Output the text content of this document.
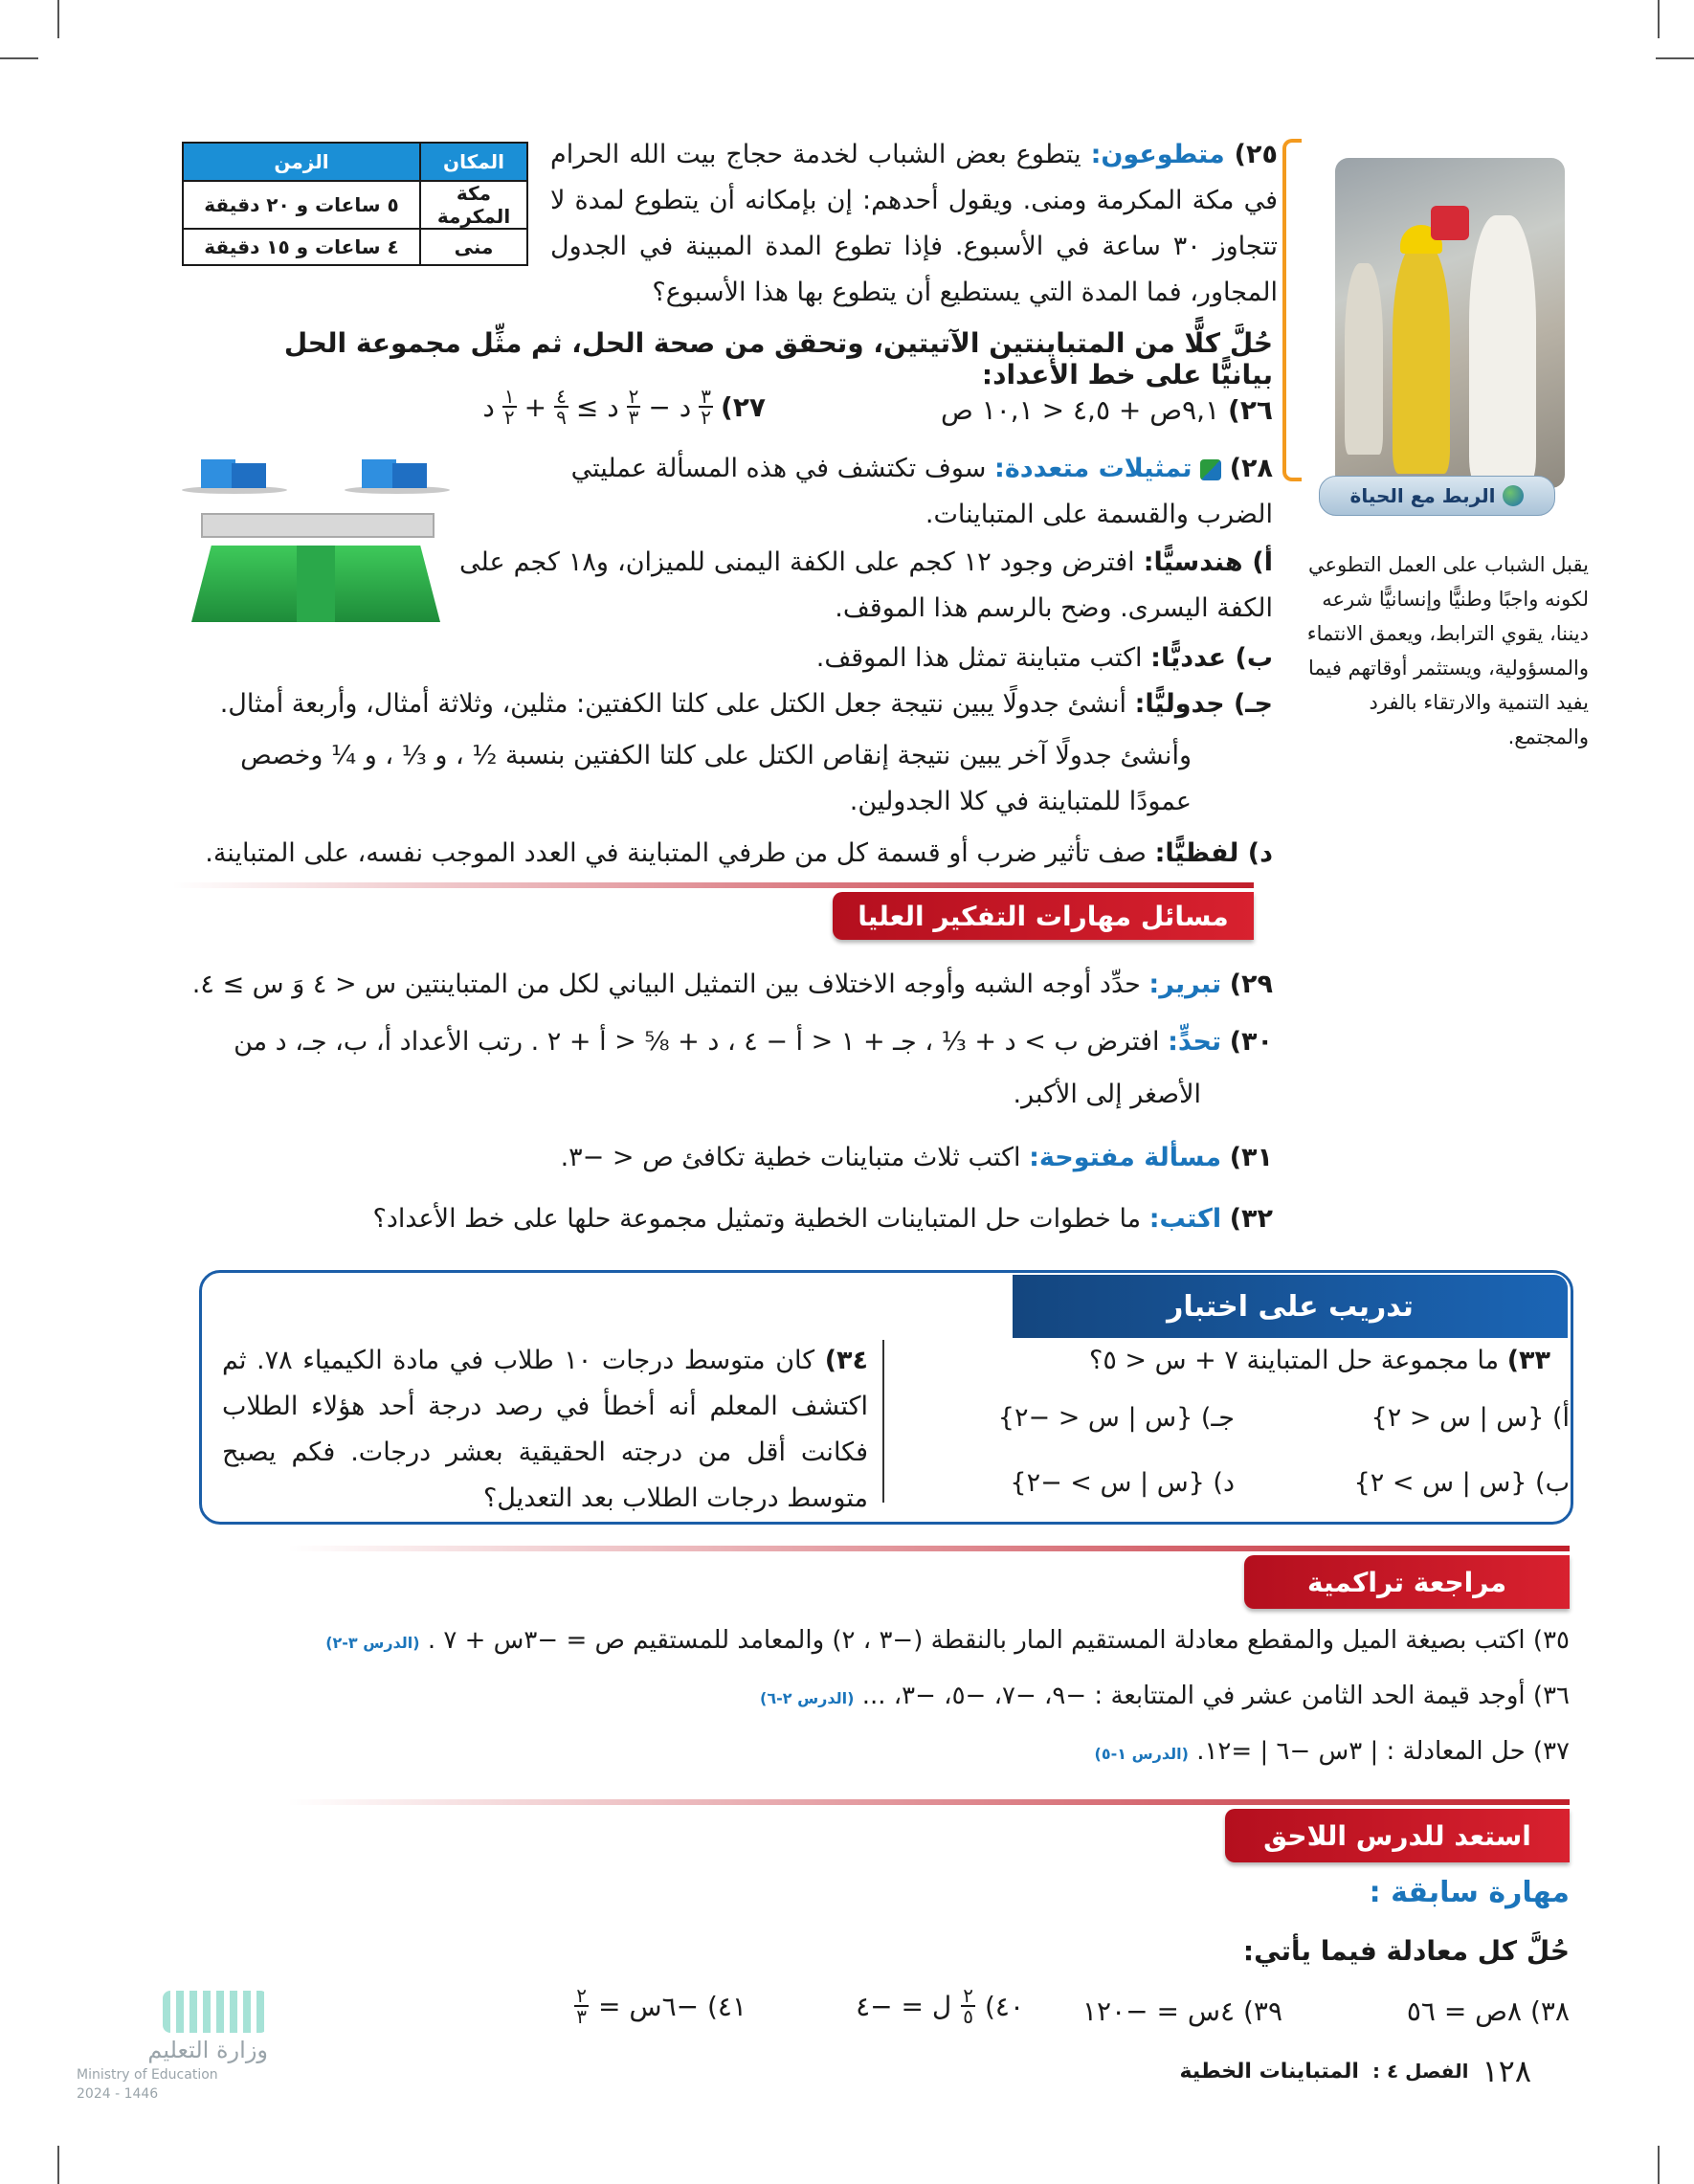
الربط مع الحياة

يقبل الشباب على العمل التطوعي لكونه واجبًا وطنيًّا وإنسانيًّا شرعه ديننا، يقوي الترابط، ويعمق الانتماء والمسؤولية، ويستثمر أوقاتهم فيما يفيد التنمية والارتقاء بالفرد والمجتمع.

٢٥) متطوعون: يتطوع بعض الشباب لخدمة حجاج بيت الله الحرام في مكة المكرمة ومنى. ويقول أحدهم: إن بإمكانه أن يتطوع لمدة لا تتجاوز ٣٠ ساعة في الأسبوع. فإذا تطوع المدة المبينة في الجدول المجاور، فما المدة التي يستطيع أن يتطوع بها هذا الأسبوع؟
المكان	الزمن
مكة المكرمة	٥ ساعات و ٢٠ دقيقة
منى	٤ ساعات و ١٥ دقيقة

حُلَّ كلًّا من المتباينتين الآتيتين، وتحقق من صحة الحل، ثم مثِّل مجموعة الحل بيانيًّا على خط الأعداد:

٢٦) ٩,١ص + ٤,٥ < ١٠,١ ص
٢٧)
$\frac{٣}{٢}$
د −
$\frac{٢}{٣}$
د ≥
$\frac{٤}{٩}$
+
$\frac{١}{٢}$
د
٢٨)  تمثيلات متعددة: سوف تكتشف في هذه المسألة عمليتي الضرب والقسمة على المتباينات.
أ) هندسيًّا: افترض وجود ١٢ كجم على الكفة اليمنى للميزان، و١٨ كجم على الكفة اليسرى. وضح بالرسم هذا الموقف.
ب) عدديًّا: اكتب متباينة تمثل هذا الموقف.
جـ) جدوليًّا: أنشئ جدولًا يبين نتيجة جعل الكتل على كلتا الكفتين: مثلين، وثلاثة أمثال، وأربعة أمثال.

وأنشئ جدولًا آخر يبين نتيجة إنقاص الكتل على كلتا الكفتين بنسبة ½ ، و ⅓ ، و ¼ وخصص عمودًا للمتباينة في كلا الجدولين.

د) لفظيًّا: صف تأثير ضرب أو قسمة كل من طرفي المتباينة في العدد الموجب نفسه، على المتباينة.
مسائل مهارات التفكير العليا
٢٩) تبرير: حدِّد أوجه الشبه وأوجه الاختلاف بين التمثيل البياني لكل من المتباينتين س < ٤ وَ س ≥ ٤.
٣٠) تحدٍّ: افترض ب > د + ⅓ ، جـ + ١ < أ − ٤ ، د + ⅝ < أ + ٢ . رتب الأعداد أ، ب، جـ، د من

الأصغر إلى الأكبر.

٣١) مسألة مفتوحة: اكتب ثلاث متباينات خطية تكافئ ص < −٣.
٣٢) اكتب: ما خطوات حل المتباينات الخطية وتمثيل مجموعة حلها على خط الأعداد؟
تدريب على اختبار
٣٣) ما مجموعة حل المتباينة ٧ + س < ٥؟
أ) {س | س < ٢}
جـ) {س | س < −٢}
ب) {س | س > ٢}
د) {س | س > −٢}
٣٤) كان متوسط درجات ١٠ طلاب في مادة الكيمياء ٧٨. ثم اكتشف المعلم أنه أخطأ في رصد درجة أحد هؤلاء الطلاب فكانت أقل من درجته الحقيقية بعشر درجات. فكم يصبح متوسط درجات الطلاب بعد التعديل؟
مراجعة تراكمية
٣٥) اكتب بصيغة الميل والمقطع معادلة المستقيم المار بالنقطة (−٣ ، ٢) والمعامد للمستقيم ص = −٣س + ٧ . (الدرس ٣-٢)
٣٦) أوجد قيمة الحد الثامن عشر في المتتابعة : −٩، −٧، −٥، −٣، ... (الدرس ٢-٦)
٣٧) حل المعادلة : | ٣س −٦ | =١٢. (الدرس ١-٥)
استعد للدرس اللاحق

مهارة سابقة :

حُلَّ كل معادلة فيما يأتي:

٣٨) ٨ص = ٥٦
٣٩) ٤س = −١٢٠
٤٠)
$\frac{٢}{٥}$
ل = −٤
٤١) −٦س =
$\frac{٢}{٣}$
١٢٨
الفصل ٤ :
المتباينات الخطية
وزارة التعليم
Ministry of Education
2024 - 1446
